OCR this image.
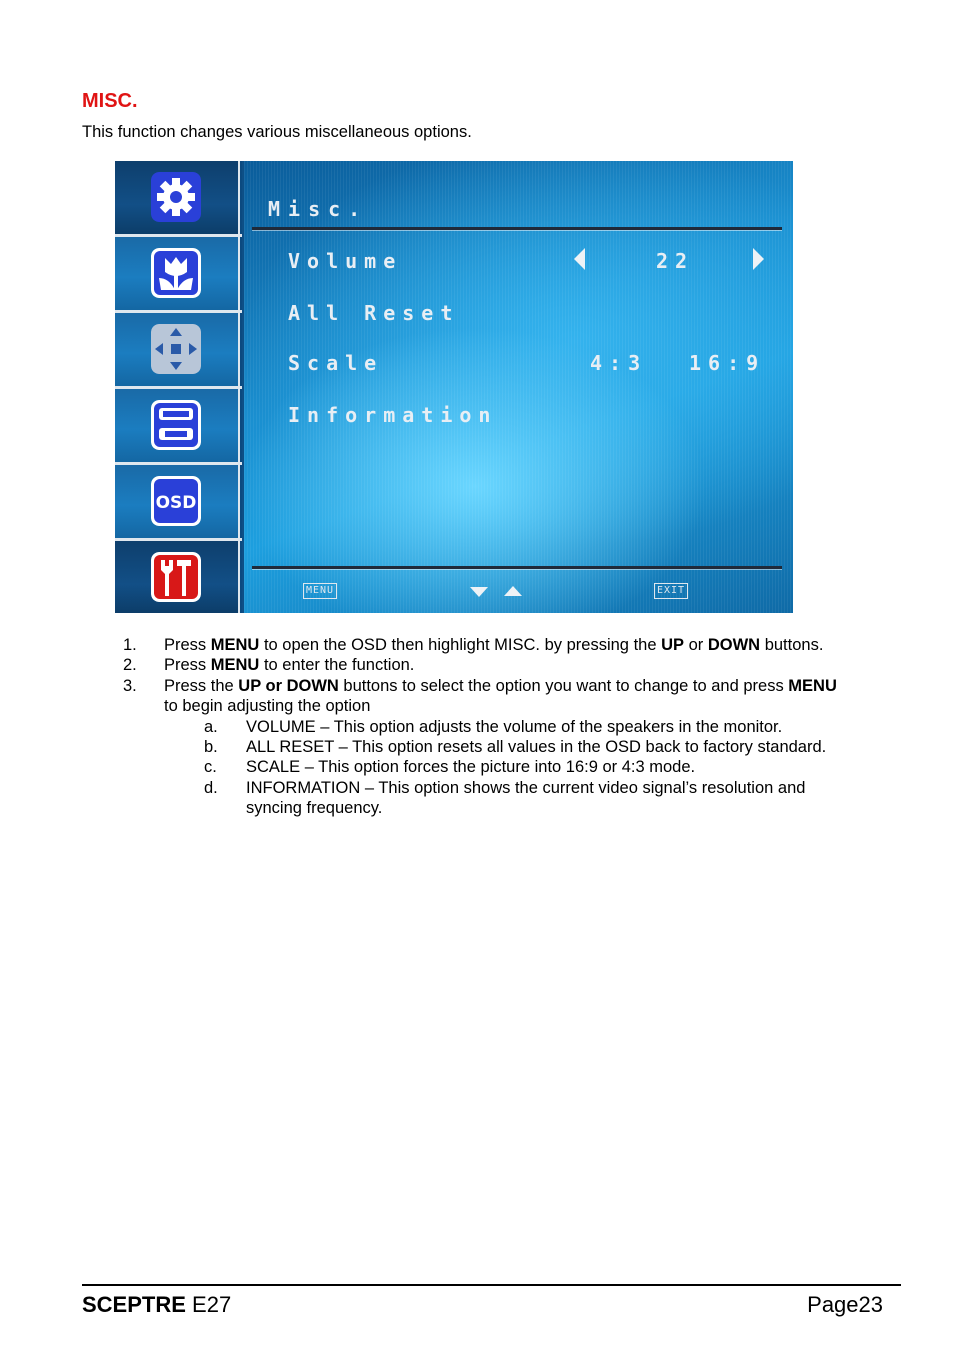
MISC.

This function changes various miscellaneous options.

OSD
Misc.
Volume	22
All Reset
Scale	4:3 16:9
Information
MENU	EXIT
1. Press MENU to open the OSD then highlight MISC. by pressing the UP or DOWN buttons.
2. Press MENU to enter the function.
3. Press the UP or DOWN buttons to select the option you want to change to and press MENU
to begin adjusting the option
a. VOLUME – This option adjusts the volume of the speakers in the monitor.
b. ALL RESET – This option resets all values in the OSD back to factory standard.
c. SCALE – This option forces the picture into 16:9 or 4:3 mode.
d. INFORMATION – This option shows the current video signal’s resolution and
syncing frequency.
SCEPTRE E27	Page23
